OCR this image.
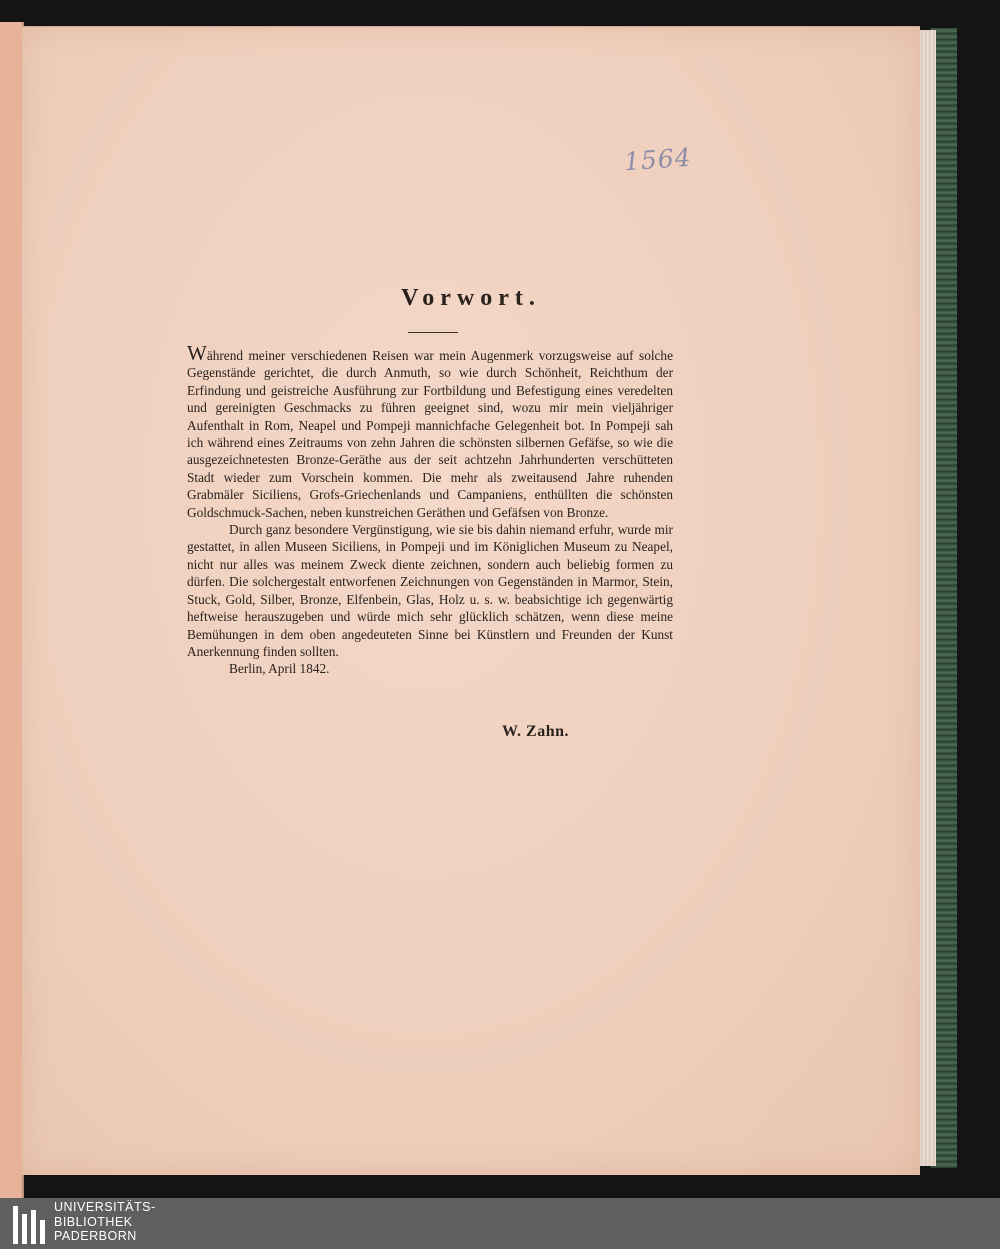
1564
Vorwort.

Während meiner verschiedenen Reisen war mein Augenmerk vorzugsweise auf solche Gegenstände gerichtet, die durch Anmuth, so wie durch Schönheit, Reichthum der Erfindung und geistreiche Ausführung zur Fortbildung und Befestigung eines veredelten und gereinigten Geschmacks zu führen geeignet sind, wozu mir mein vieljähriger Aufenthalt in Rom, Neapel und Pompeji mannichfache Gelegenheit bot. In Pompeji sah ich während eines Zeitraums von zehn Jahren die schönsten silbernen Gefäfse, so wie die ausgezeichnetesten Bronze-Geräthe aus der seit achtzehn Jahrhunderten verschütteten Stadt wieder zum Vorschein kommen. Die mehr als zweitausend Jahre ruhenden Grabmäler Siciliens, Grofs-Griechenlands und Campaniens, enthüllten die schönsten Goldschmuck-Sachen, neben kunstreichen Geräthen und Gefäfsen von Bronze.

Durch ganz besondere Vergünstigung, wie sie bis dahin niemand erfuhr, wurde mir gestattet, in allen Museen Siciliens, in Pompeji und im Königlichen Museum zu Neapel, nicht nur alles was meinem Zweck diente zeichnen, sondern auch beliebig formen zu dürfen. Die solchergestalt entworfenen Zeichnungen von Gegenständen in Marmor, Stein, Stuck, Gold, Silber, Bronze, Elfenbein, Glas, Holz u. s. w. beabsichtige ich gegenwärtig heftweise herauszugeben und würde mich sehr glücklich schätzen, wenn diese meine Bemühungen in dem oben angedeuteten Sinne bei Künstlern und Freunden der Kunst Anerkennung finden sollten.

Berlin, April 1842.

W. Zahn.
UNIVERSITÄTS-
BIBLIOTHEK
PADERBORN
